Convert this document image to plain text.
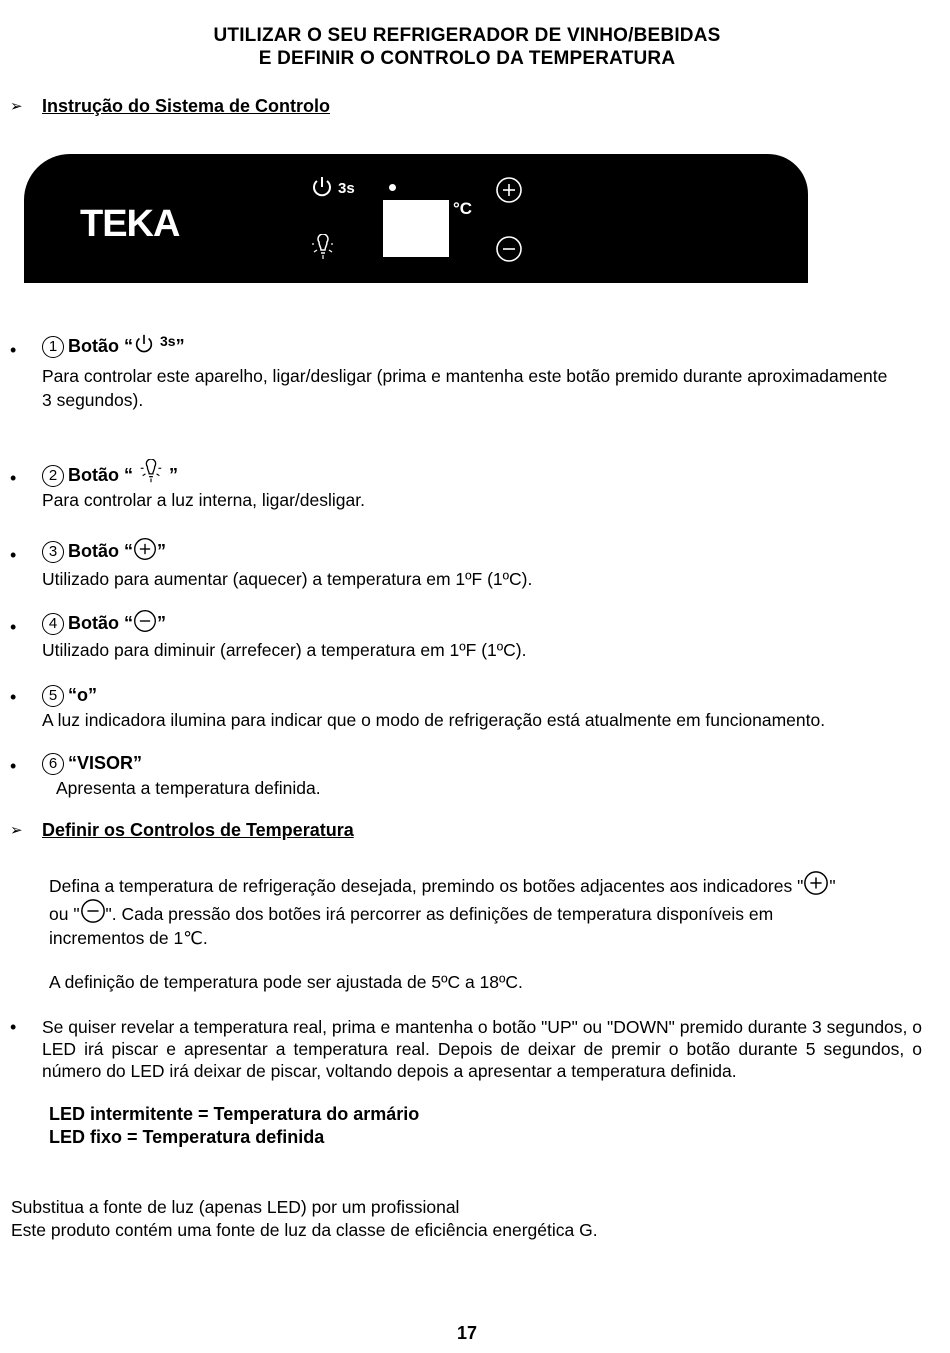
UTILIZAR O SEU REFRIGERADOR DE VINHO/BEBIDAS
E DEFINIR O CONTROLO DA TEMPERATURA
➢ Instrução do Sistema de Controlo
TEKA
3s
°C
•	1 Botão “ $^{3s}$”
Para controlar este aparelho, ligar/desligar (prima e mantenha este botão premido durante aproximadamente
3 segundos).
•	2 Botão “ ”
Para controlar a luz interna, ligar/desligar.
•	3 Botão “ ”
Utilizado para aumentar (aquecer) a temperatura em 1ºF (1ºC).
•	4 Botão “ ”
Utilizado para diminuir (arrefecer) a temperatura em 1ºF (1ºC).
•	5 “o”
A luz indicadora ilumina para indicar que o modo de refrigeração está atualmente em funcionamento.
•	6 “VISOR”
Apresenta a temperatura definida.
➢ Definir os Controlos de Temperatura
Defina a temperatura de refrigeração desejada, premindo os botões adjacentes aos indicadores " "
ou " ". Cada pressão dos botões irá percorrer as definições de temperatura disponíveis em
incrementos de 1℃.
A definição de temperatura pode ser ajustada de 5ºC a 18ºC.
• Se quiser revelar a temperatura real, prima e mantenha o botão "UP" ou "DOWN" premido durante 3 segundos, o LED irá piscar e apresentar a temperatura real. Depois de deixar de premir o botão durante 5 segundos, o número do LED irá deixar de piscar, voltando depois a apresentar a temperatura definida.
LED intermitente = Temperatura do armário
LED fixo = Temperatura definida
Substitua a fonte de luz (apenas LED) por um profissional
Este produto contém uma fonte de luz da classe de eficiência energética G.
17
